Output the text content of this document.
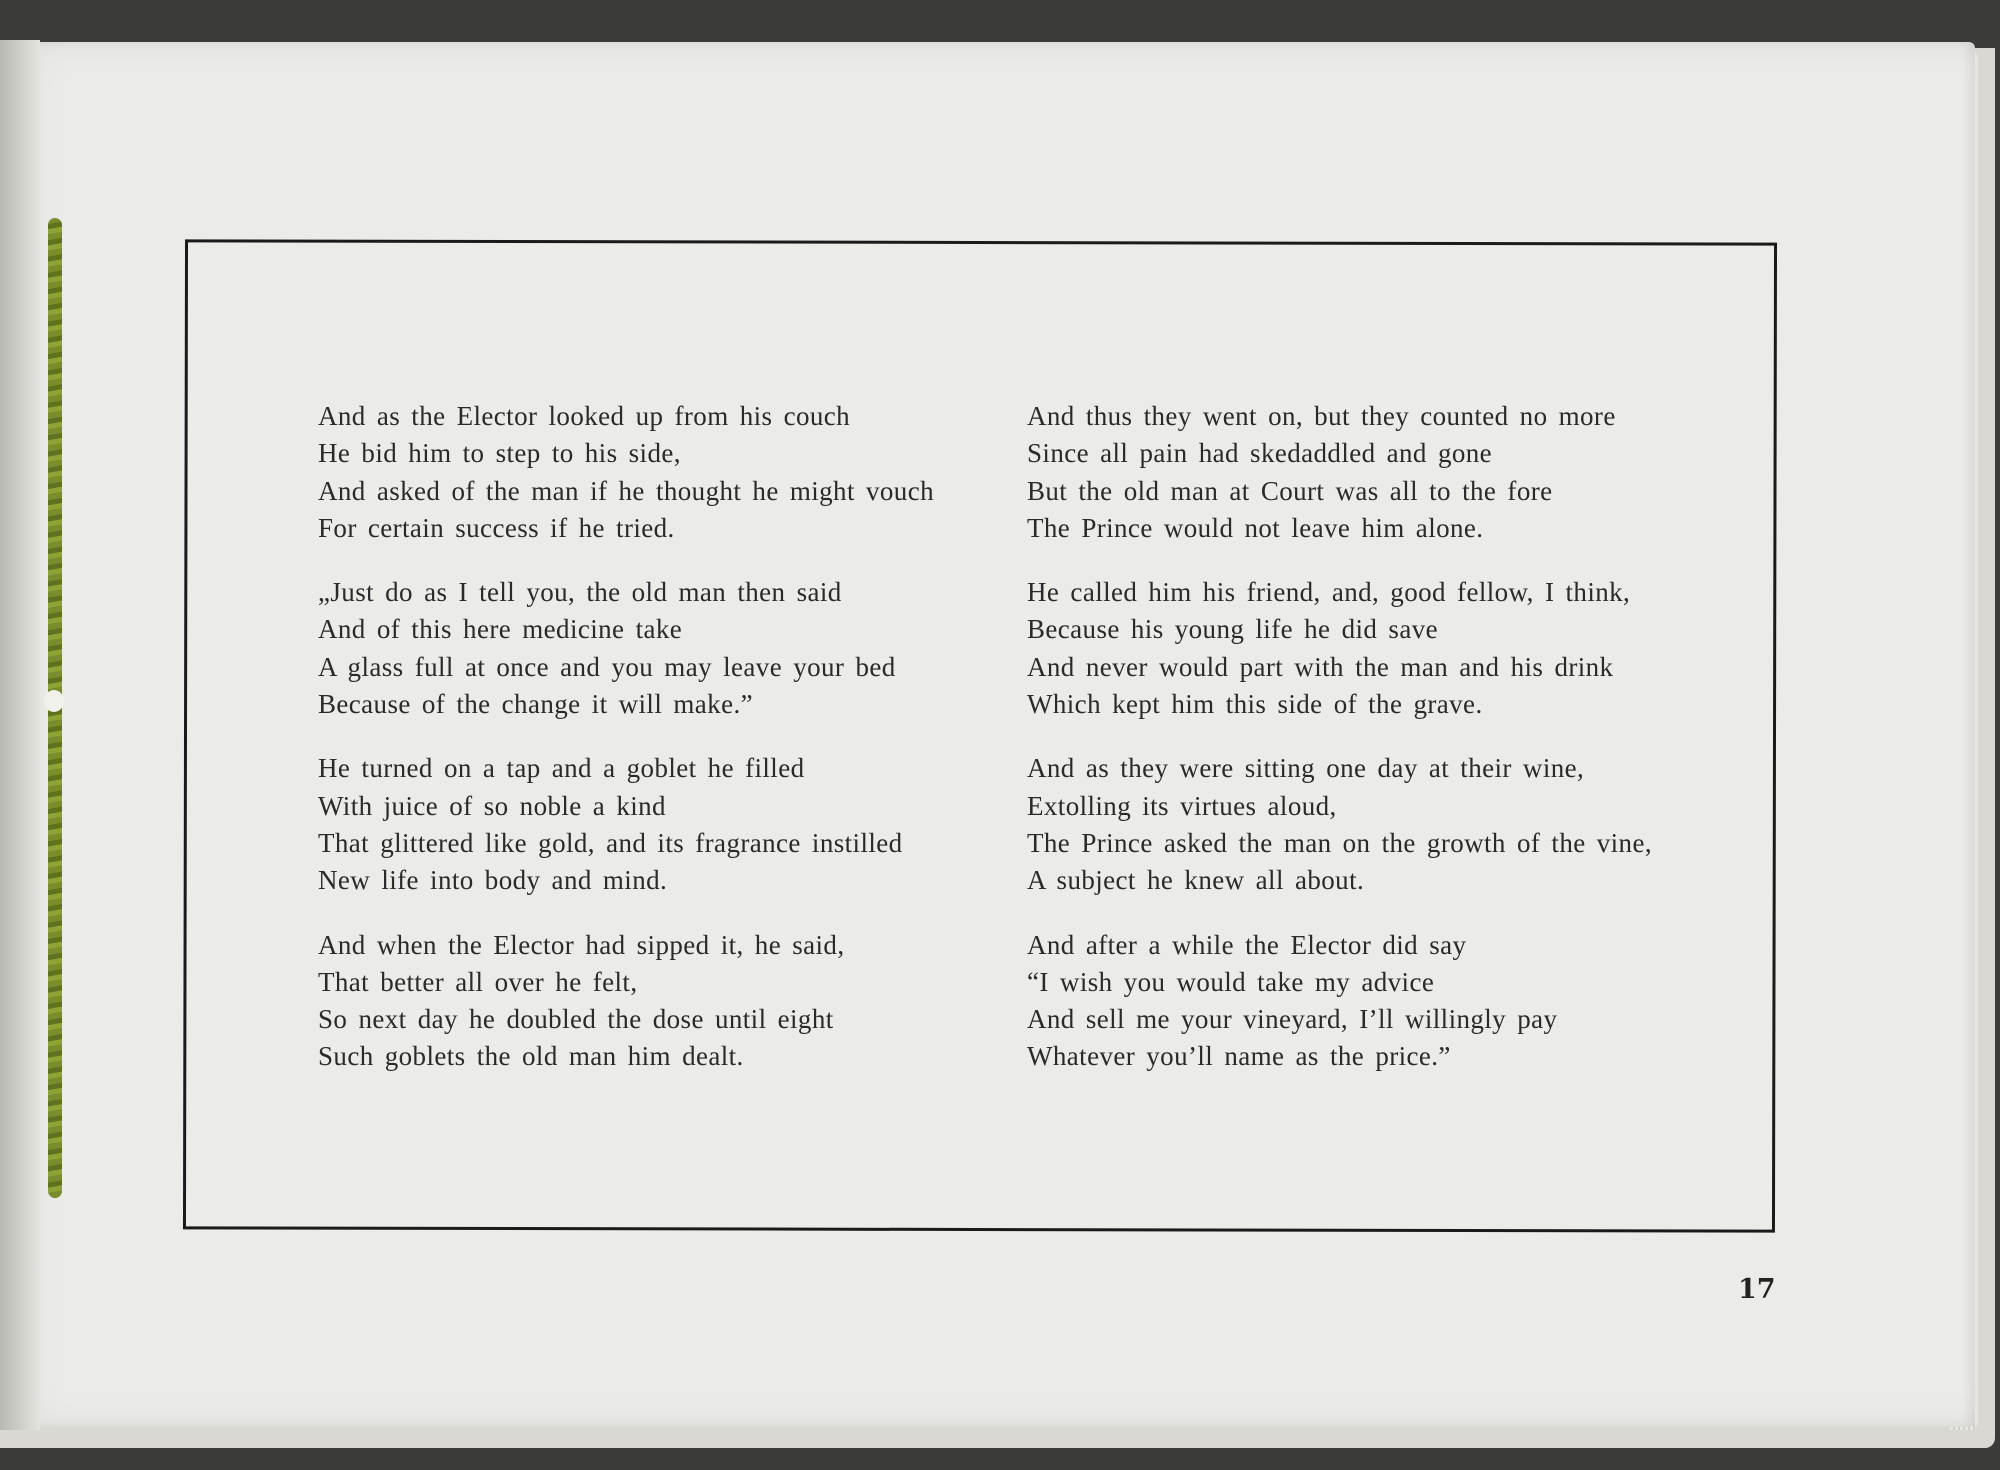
And as the Elector looked up from his couch
He bid him to step to his side,
And asked of the man if he thought he might vouch
For certain success if he tried.
„Just do as I tell you, the old man then said
And of this here medicine take
A glass full at once and you may leave your bed
Because of the change it will make.”
He turned on a tap and a goblet he filled
With juice of so noble a kind
That glittered like gold, and its fragrance instilled
New life into body and mind.
And when the Elector had sipped it, he said,
That better all over he felt,
So next day he doubled the dose until eight
Such goblets the old man him dealt.
And thus they went on, but they counted no more
Since all pain had skedaddled and gone
But the old man at Court was all to the fore
The Prince would not leave him alone.
He called him his friend, and, good fellow, I think,
Because his young life he did save
And never would part with the man and his drink
Which kept him this side of the grave.
And as they were sitting one day at their wine,
Extolling its virtues aloud,
The Prince asked the man on the growth of the vine,
A subject he knew all about.
And after a while the Elector did say
“I wish you would take my advice
And sell me your vineyard, I’ll willingly pay
Whatever you’ll name as the price.”
17
